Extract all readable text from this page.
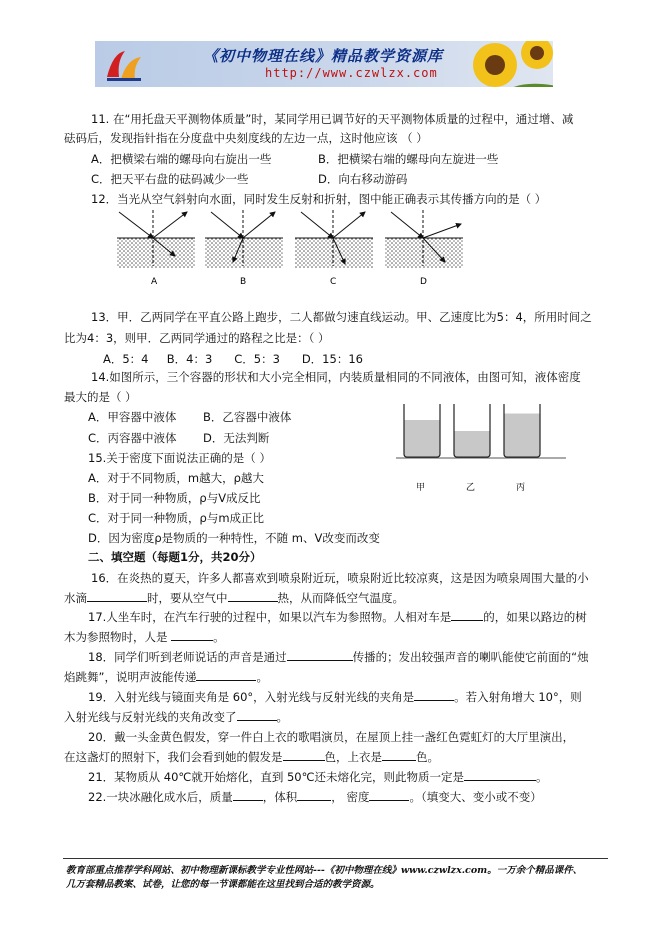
《初中物理在线》精品教学资源库
http://www.czwlzx.com
11. 在“用托盘天平测物体质量”时，某同学用已调节好的天平测物体质量的过程中，通过增、减
砝码后，发现指针指在分度盘中央刻度线的左边一点，这时他应该 （ ）
A．把横梁右端的螺母向右旋出一些	B．把横梁右端的螺母向左旋进一些
C．把天平右盘的砝码减少一些	D．向右移动游码
12．当光从空气斜射向水面，同时发生反射和折射，图中能正确表示其传播方向的是（ ）
A	B	C	D
13．甲．乙两同学在平直公路上跑步，二人都做匀速直线运动。甲、乙速度比为5：4，所用时间之
比为4：3，则甲．乙两同学通过的路程之比是：（ ）
A．5：4     B．4：3      C．5：3      D．15：16
14.如图所示，三个容器的形状和大小完全相同，内装质量相同的不同液体，由图可知，液体密度
最大的是（ ）
A．甲容器中液体 B．乙容器中液体
C．丙容器中液体 D．无法判断
甲	乙	丙
15.关于密度下面说法正确的是（ ）
A．对于不同物质，m越大，ρ越大
B．对于同一种物质，ρ与V成反比
C．对于同一种物质，ρ与m成正比
D．因为密度ρ是物质的一种特性，不随 m、V改变而改变
二、填空题（每题1分，共20分）
16．在炎热的夏天，许多人都喜欢到喷泉附近玩，喷泉附近比较凉爽，这是因为喷泉周围大量的小
水滴	时，要从空气中	热，从而降低空气温度。
17.人坐车时，在汽车行驶的过程中，如果以汽车为参照物。人相对车是	的，如果以路边的树
木为参照物时，人是	。
18．同学们听到老师说话的声音是通过	传播的；发出较强声音的喇叭能使它前面的“烛
焰跳舞”，说明声波能传递	。
19．入射光线与镜面夹角是 60°，入射光线与反射光线的夹角是	。若入射角增大 10°，则
入射光线与反射光线的夹角改变了	。
20．戴一头金黄色假发，穿一件白上衣的歌唱演员，在屋顶上挂一盏红色霓虹灯的大厅里演出，
在这盏灯的照射下，我们会看到她的假发是	色，上衣是	色。
21．某物质从 40℃就开始熔化，直到 50℃还未熔化完，则此物质一定是	。
22.一块冰融化成水后，质量	，体积	， 密度	。（填变大、变小或不变）
教育部重点推荐学科网站、初中物理新课标教学专业性网站---《初中物理在线》www.czwlzx.com。一万余个精品课件、
几万套精品教案、试卷，让您的每一节课都能在这里找到合适的教学资源。
